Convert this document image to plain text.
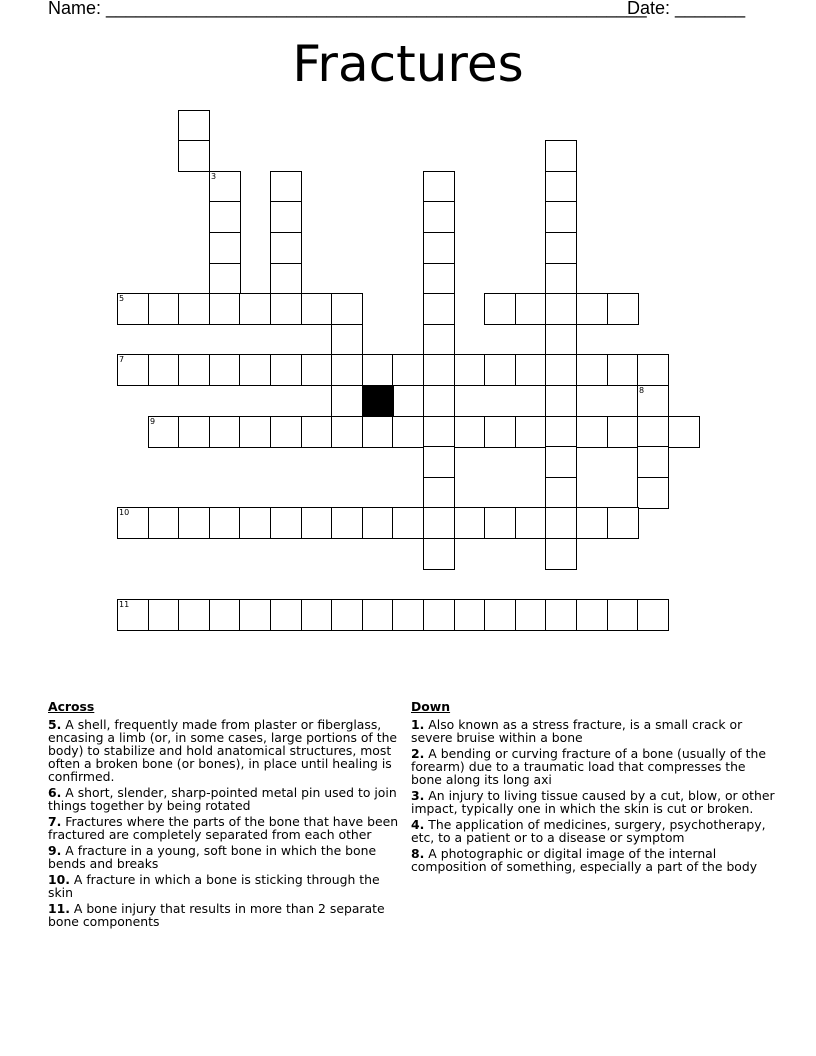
Name: ______________________________________________________
Date: _______
Fractures
3
5
7
8
9
10
11
Across
5. A shell, frequently made from plaster or fiberglass, encasing a limb (or, in some cases, large portions of the body) to stabilize and hold anatomical structures, most often a broken bone (or bones), in place until healing is confirmed.
6. A short, slender, sharp-pointed metal pin used to join things together by being rotated
7. Fractures where the parts of the bone that have been fractured are completely separated from each other
9. A fracture in a young, soft bone in which the bone bends and breaks
10. A fracture in which a bone is sticking through the skin
11. A bone injury that results in more than 2 separate bone components
Down
1. Also known as a stress fracture, is a small crack or severe bruise within a bone
2. A bending or curving fracture of a bone (usually of the forearm) due to a traumatic load that compresses the bone along its long axi
3. An injury to living tissue caused by a cut, blow, or other impact, typically one in which the skin is cut or broken.
4. The application of medicines, surgery, psychotherapy, etc, to a patient or to a disease or symptom
8. A photographic or digital image of the internal composition of something, especially a part of the body
